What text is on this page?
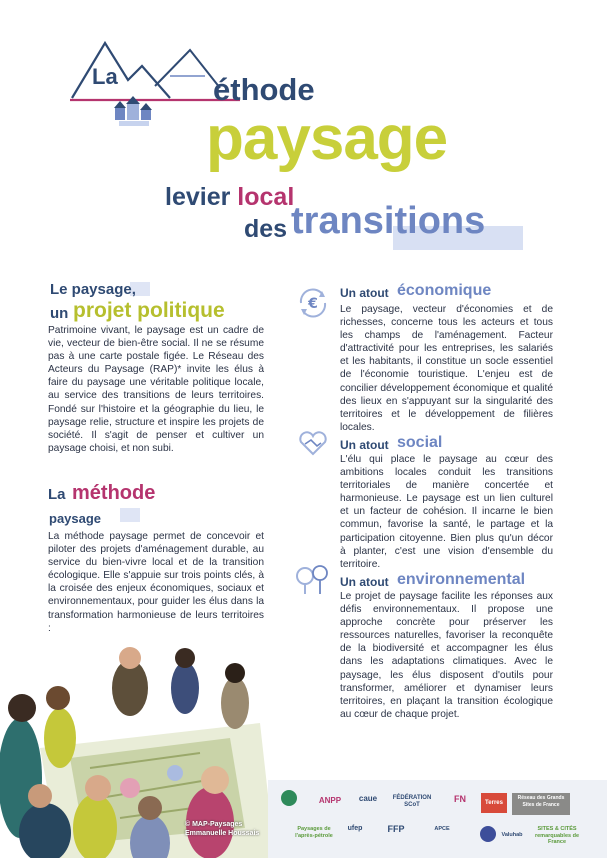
La	éthode
paysage
levier local
des transitions
Le paysage,
un projet politique

Patrimoine vivant, le paysage est un cadre de vie, vecteur de bien-être social. Il ne se résume pas à une carte postale figée. Le Réseau des Acteurs du Paysage (RAP)* invite les élus à faire du paysage une véritable politique locale, au service des transitions de leurs territoires. Fondé sur l'histoire et la géographie du lieu, le paysage relie, structure et inspire les projets de société. Il s'agit de penser et cultiver un paysage choisi, et non subi.

La méthode
paysage

La méthode paysage permet de concevoir et piloter des projets d'aménagement durable, au service du bien-vivre local et de la transition écologique. Elle s'appuie sur trois points clés, à la croisée des enjeux économiques, sociaux et environnementaux, pour guider les élus dans la transformation harmonieuse de leurs territoires :

€
Un atout économique

Le paysage, vecteur d'économies et de richesses, concerne tous les acteurs et tous les champs de l'aménagement. Facteur d'attractivité pour les entreprises, les salariés et les habitants, il constitue un socle essentiel de l'économie touristique. L'enjeu est de concilier développement économique et qualité des lieux en s'appuyant sur la singularité des territoires et le développement de filières locales.

Un atout social

L'élu qui place le paysage au cœur des ambitions locales conduit les transitions territoriales de manière concertée et harmonieuse. Le paysage est un lien culturel et un facteur de cohésion. Il incarne le bien commun, favorise la santé, le partage et la participation citoyenne. Bien plus qu'un décor à planter, c'est une vision d'ensemble du territoire.

Un atout environnemental

Le projet de paysage facilite les réponses aux défis environnementaux. Il propose une approche concrète pour préserver les ressources naturelles, favoriser la reconquête de la biodiversité et accompagner les élus dans les adaptations climatiques. Avec le paysage, les élus disposent d'outils pour transformer, améliorer et dynamiser leurs territoires, en plaçant la transition écologique au cœur de chaque projet.

© MAP-Paysages
Emmanuelle Houssais
ANPP	caue	FÉDÉRATION SCoT
FN	Terres
Réseau des Grands Sites de France
Paysages de l'après-pétrole
ufep	FFP	APCE
Valuhab
SITES & CITÉS remarquables de France
